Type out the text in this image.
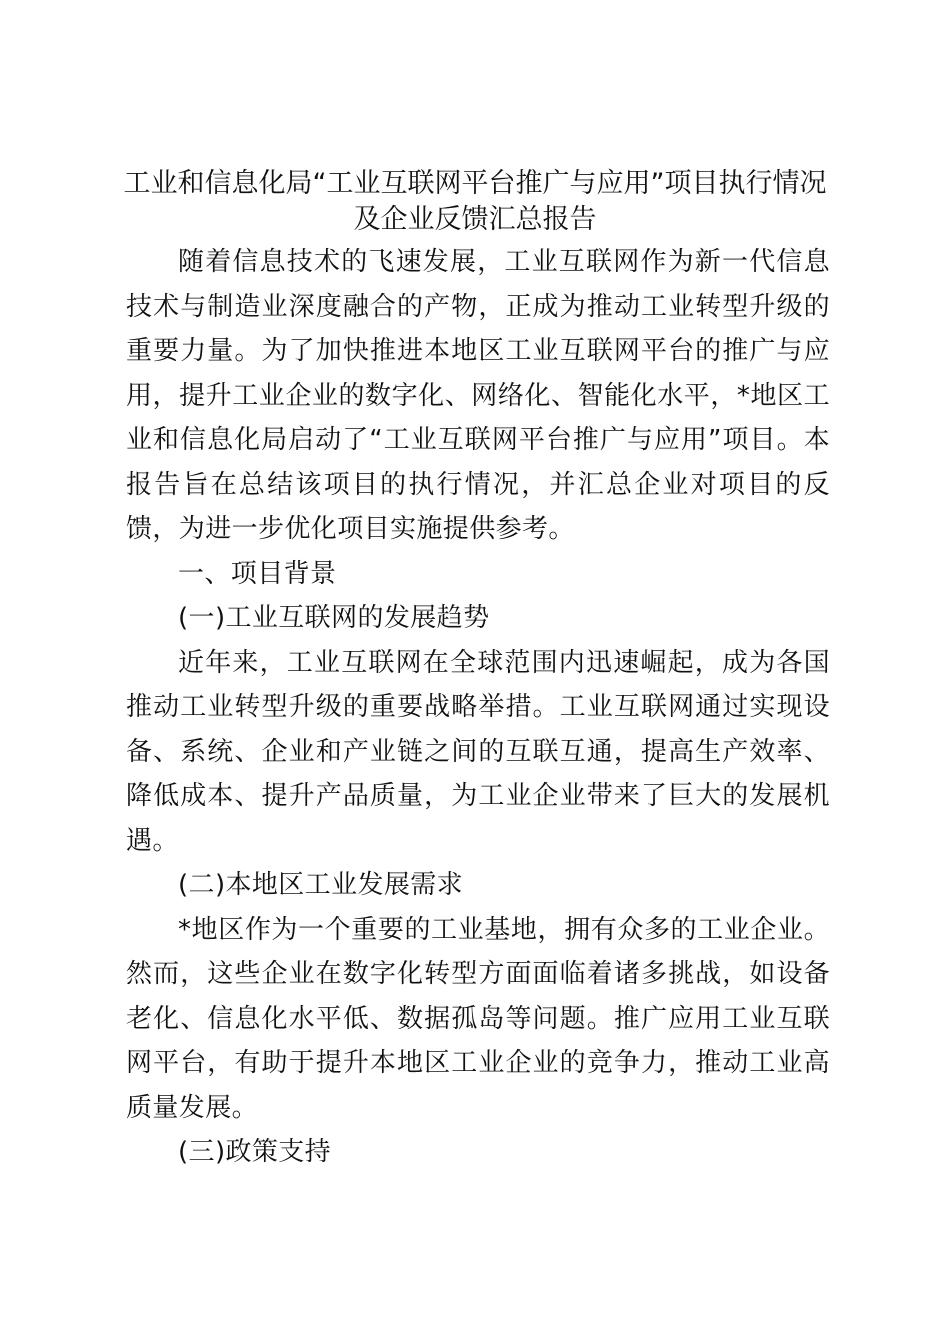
工业和信息化局“工业互联网平台推广与应用”项目执行情况及企业反馈汇总报告

随着信息技术的飞速发展，工业互联网作为新一代信息技术与制造业深度融合的产物，正成为推动工业转型升级的重要力量。为了加快推进本地区工业互联网平台的推广与应用，提升工业企业的数字化、网络化、智能化水平，*地区工业和信息化局启动了“工业互联网平台推广与应用”项目。本报告旨在总结该项目的执行情况，并汇总企业对项目的反馈，为进一步优化项目实施提供参考。

一、项目背景

(一)工业互联网的发展趋势

近年来，工业互联网在全球范围内迅速崛起，成为各国推动工业转型升级的重要战略举措。工业互联网通过实现设备、系统、企业和产业链之间的互联互通，提高生产效率、降低成本、提升产品质量，为工业企业带来了巨大的发展机遇。

(二)本地区工业发展需求

*地区作为一个重要的工业基地，拥有众多的工业企业。然而，这些企业在数字化转型方面面临着诸多挑战，如设备老化、信息化水平低、数据孤岛等问题。推广应用工业互联网平台，有助于提升本地区工业企业的竞争力，推动工业高质量发展。

(三)政策支持
